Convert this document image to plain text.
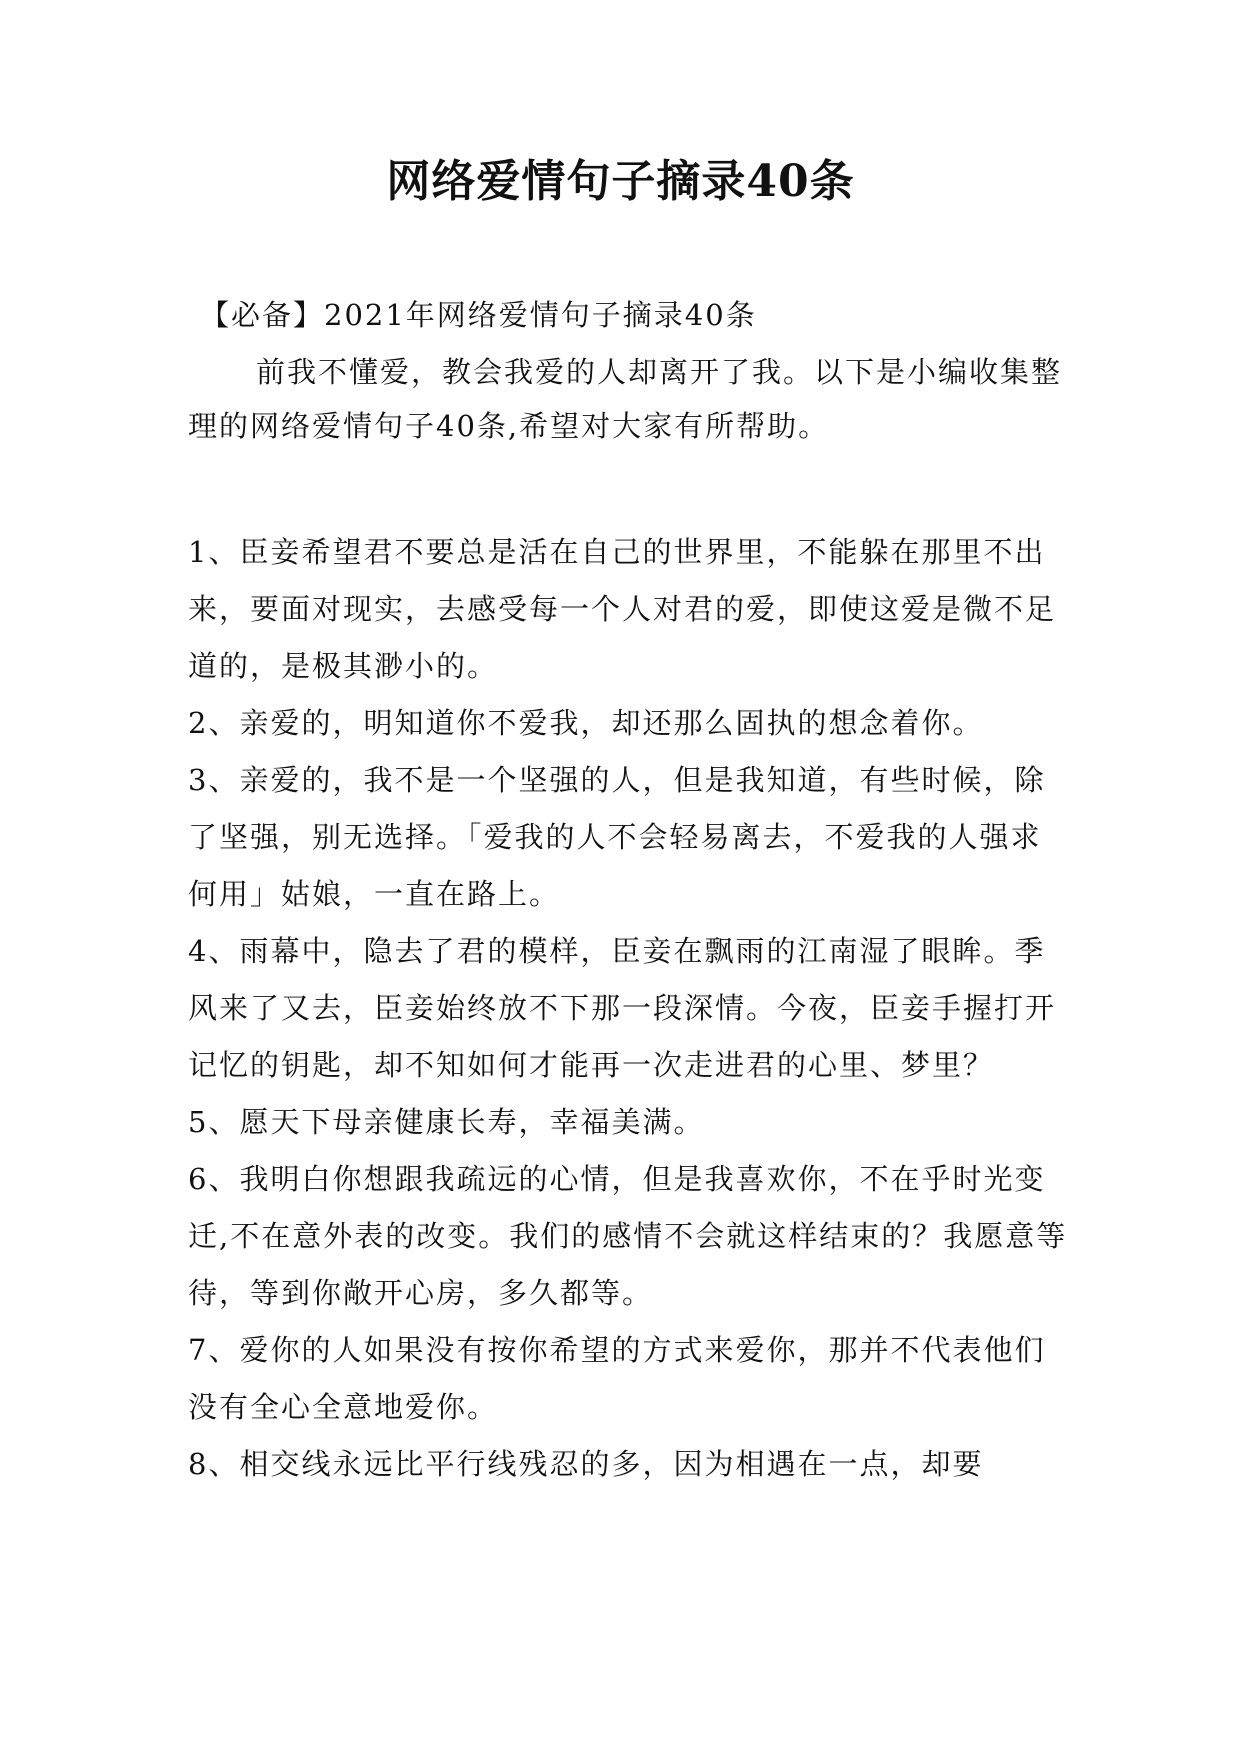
网络爱情句子摘录40条
【必备】2021年网络爱情句子摘录40条
前我不懂爱，教会我爱的人却离开了我。以下是小编收集整理的网络爱情句子40条,希望对大家有所帮助。

1、臣妾希望君不要总是活在自己的世界里，不能躲在那里不出来，要面对现实，去感受每一个人对君的爱，即使这爱是微不足道的，是极其渺小的。

2、亲爱的，明知道你不爱我，却还那么固执的想念着你。

3、亲爱的，我不是一个坚强的人，但是我知道，有些时候，除了坚强，别无选择。「爱我的人不会轻易离去，不爱我的人强求何用」姑娘，一直在路上。

4、雨幕中，隐去了君的模样，臣妾在飘雨的江南湿了眼眸。季风来了又去，臣妾始终放不下那一段深情。今夜，臣妾手握打开记忆的钥匙，却不知如何才能再一次走进君的心里、梦里？

5、愿天下母亲健康长寿，幸福美满。

6、我明白你想跟我疏远的心情，但是我喜欢你，不在乎时光变迁,不在意外表的改变。我们的感情不会就这样结束的？我愿意等待，等到你敞开心房，多久都等。

7、爱你的人如果没有按你希望的方式来爱你，那并不代表他们没有全心全意地爱你。

8、相交线永远比平行线残忍的多，因为相遇在一点，却要
